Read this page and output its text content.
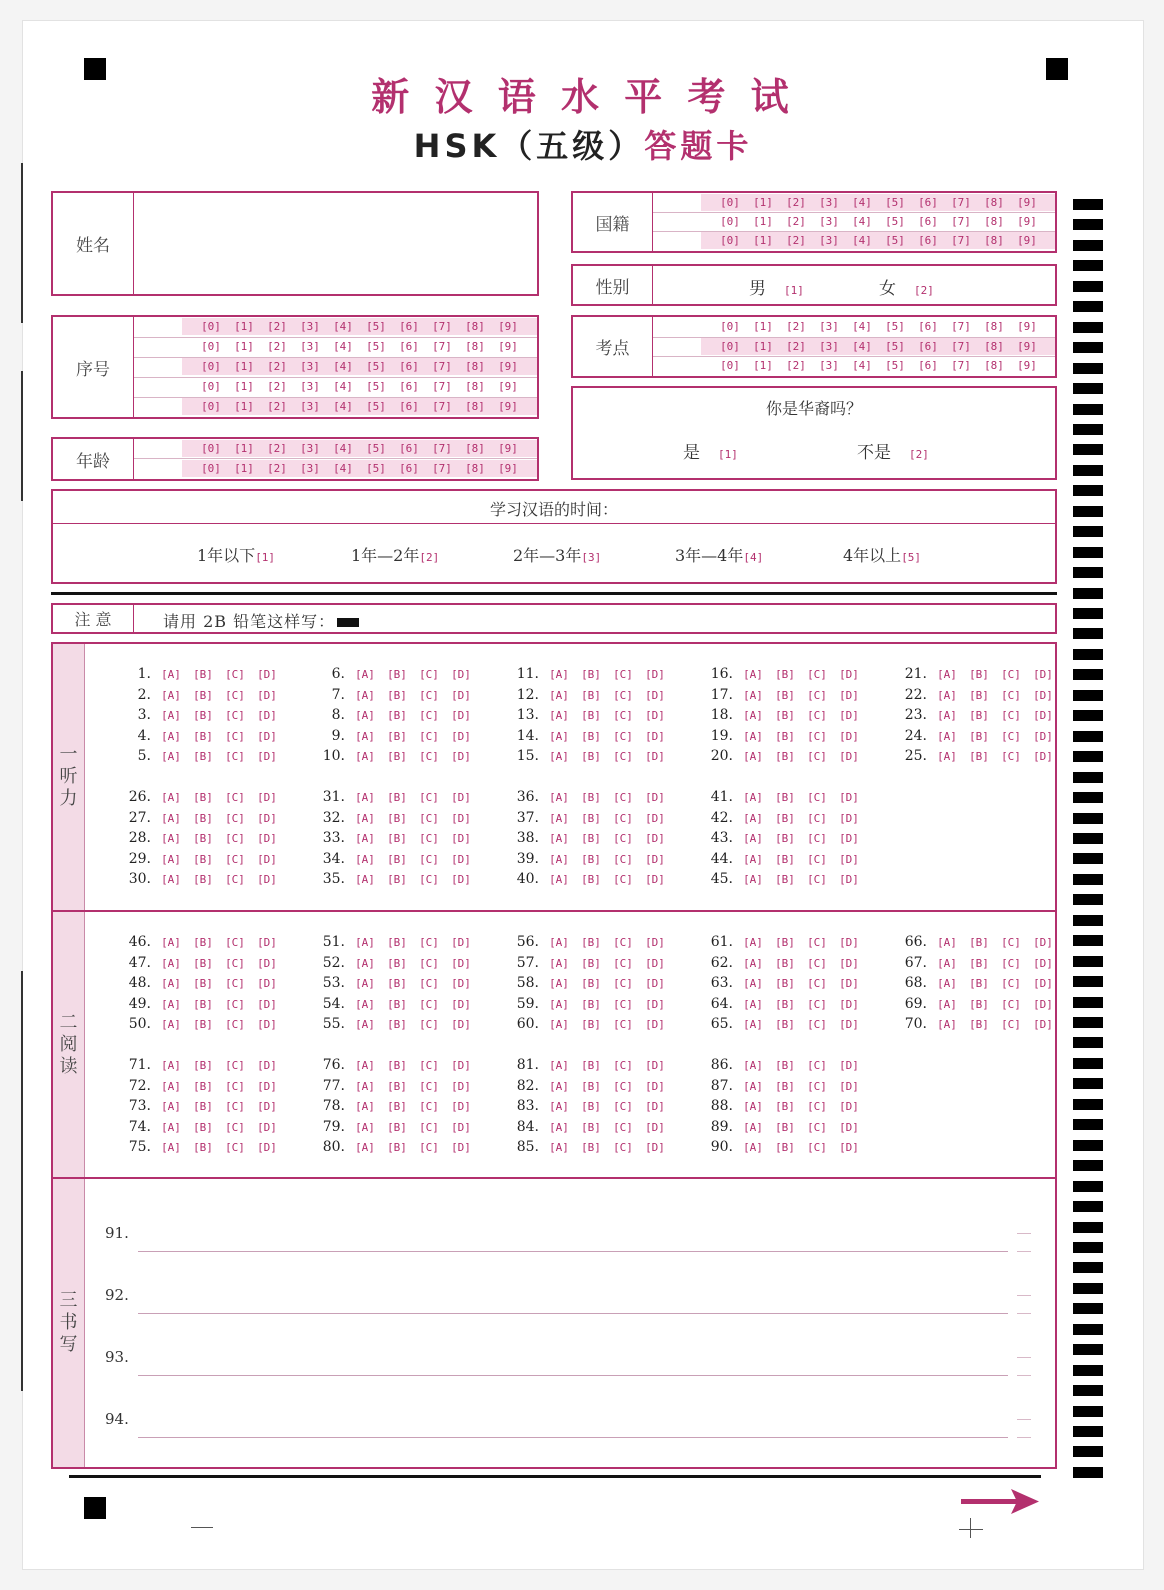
新 汉 语 水 平 考 试
HSK（五级）答题卡
姓名
国籍
[0] [1] [2] [3] [4] [5] [6] [7] [8] [9]
[0] [1] [2] [3] [4] [5] [6] [7] [8] [9]
[0] [1] [2] [3] [4] [5] [6] [7] [8] [9]
性别	男 [1]	女 [2]
序号
[0] [1] [2] [3] [4] [5] [6] [7] [8] [9]
[0] [1] [2] [3] [4] [5] [6] [7] [8] [9]
[0] [1] [2] [3] [4] [5] [6] [7] [8] [9]
[0] [1] [2] [3] [4] [5] [6] [7] [8] [9]
[0] [1] [2] [3] [4] [5] [6] [7] [8] [9]
考点
[0] [1] [2] [3] [4] [5] [6] [7] [8] [9]
[0] [1] [2] [3] [4] [5] [6] [7] [8] [9]
[0] [1] [2] [3] [4] [5] [6] [7] [8] [9]
你是华裔吗？
是 [1]	不是 [2]
年龄
[0] [1] [2] [3] [4] [5] [6] [7] [8] [9]
[0] [1] [2] [3] [4] [5] [6] [7] [8] [9]
学习汉语的时间：
1年以下[1]	1年—2年[2]	2年—3年[3]	3年—4年[4]	4年以上[5]
注 意	请用 2B 铅笔这样写：
一
听
力
1. [A]	[B]	[C]	[D]
2. [A]	[B]	[C]	[D]
3. [A]	[B]	[C]	[D]
4. [A]	[B]	[C]	[D]
5. [A]	[B]	[C]	[D]
6. [A]	[B]	[C]	[D]
7. [A]	[B]	[C]	[D]
8. [A]	[B]	[C]	[D]
9. [A]	[B]	[C]	[D]
10. [A]	[B]	[C]	[D]
11. [A]	[B]	[C]	[D]
12. [A]	[B]	[C]	[D]
13. [A]	[B]	[C]	[D]
14. [A]	[B]	[C]	[D]
15. [A]	[B]	[C]	[D]
16. [A]	[B]	[C]	[D]
17. [A]	[B]	[C]	[D]
18. [A]	[B]	[C]	[D]
19. [A]	[B]	[C]	[D]
20. [A]	[B]	[C]	[D]
21. [A]	[B]	[C]	[D]
22. [A]	[B]	[C]	[D]
23. [A]	[B]	[C]	[D]
24. [A]	[B]	[C]	[D]
25. [A]	[B]	[C]	[D]
26. [A]	[B]	[C]	[D]
27. [A]	[B]	[C]	[D]
28. [A]	[B]	[C]	[D]
29. [A]	[B]	[C]	[D]
30. [A]	[B]	[C]	[D]
31. [A]	[B]	[C]	[D]
32. [A]	[B]	[C]	[D]
33. [A]	[B]	[C]	[D]
34. [A]	[B]	[C]	[D]
35. [A]	[B]	[C]	[D]
36. [A]	[B]	[C]	[D]
37. [A]	[B]	[C]	[D]
38. [A]	[B]	[C]	[D]
39. [A]	[B]	[C]	[D]
40. [A]	[B]	[C]	[D]
41. [A]	[B]	[C]	[D]
42. [A]	[B]	[C]	[D]
43. [A]	[B]	[C]	[D]
44. [A]	[B]	[C]	[D]
45. [A]	[B]	[C]	[D]
二
阅
读
46. [A]	[B]	[C]	[D]
47. [A]	[B]	[C]	[D]
48. [A]	[B]	[C]	[D]
49. [A]	[B]	[C]	[D]
50. [A]	[B]	[C]	[D]
51. [A]	[B]	[C]	[D]
52. [A]	[B]	[C]	[D]
53. [A]	[B]	[C]	[D]
54. [A]	[B]	[C]	[D]
55. [A]	[B]	[C]	[D]
56. [A]	[B]	[C]	[D]
57. [A]	[B]	[C]	[D]
58. [A]	[B]	[C]	[D]
59. [A]	[B]	[C]	[D]
60. [A]	[B]	[C]	[D]
61. [A]	[B]	[C]	[D]
62. [A]	[B]	[C]	[D]
63. [A]	[B]	[C]	[D]
64. [A]	[B]	[C]	[D]
65. [A]	[B]	[C]	[D]
66. [A]	[B]	[C]	[D]
67. [A]	[B]	[C]	[D]
68. [A]	[B]	[C]	[D]
69. [A]	[B]	[C]	[D]
70. [A]	[B]	[C]	[D]
71. [A]	[B]	[C]	[D]
72. [A]	[B]	[C]	[D]
73. [A]	[B]	[C]	[D]
74. [A]	[B]	[C]	[D]
75. [A]	[B]	[C]	[D]
76. [A]	[B]	[C]	[D]
77. [A]	[B]	[C]	[D]
78. [A]	[B]	[C]	[D]
79. [A]	[B]	[C]	[D]
80. [A]	[B]	[C]	[D]
81. [A]	[B]	[C]	[D]
82. [A]	[B]	[C]	[D]
83. [A]	[B]	[C]	[D]
84. [A]	[B]	[C]	[D]
85. [A]	[B]	[C]	[D]
86. [A]	[B]	[C]	[D]
87. [A]	[B]	[C]	[D]
88. [A]	[B]	[C]	[D]
89. [A]	[B]	[C]	[D]
90. [A]	[B]	[C]	[D]
三
书
写
91.
92.
93.
94.
